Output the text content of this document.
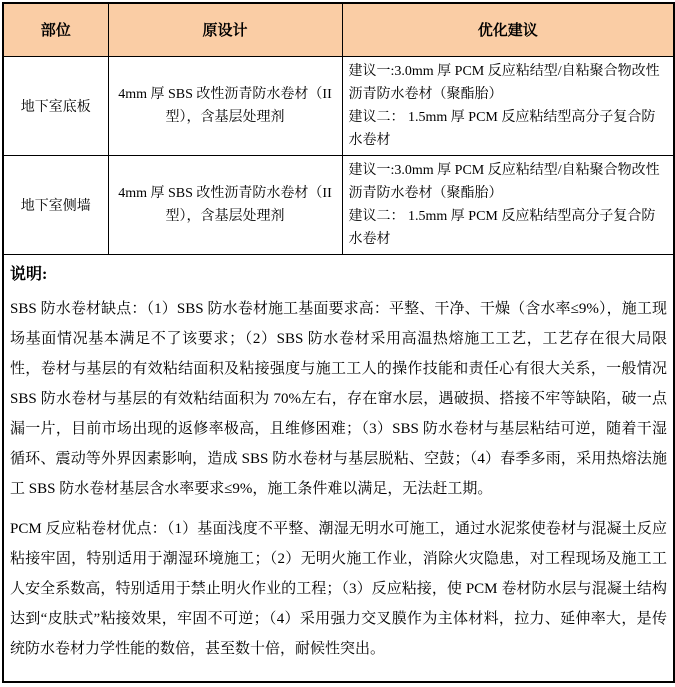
部位	原设计	优化建议
地下室底板	4mm 厚 SBS 改性沥青防水卷材（II 型），含基层处理剂	建议一:3.0mm 厚 PCM 反应粘结型/自粘聚合物改性沥青防水卷材（聚酯胎）
建议二： 1.5mm 厚 PCM 反应粘结型高分子复合防水卷材

地下室侧墙	4mm 厚 SBS 改性沥青防水卷材（II 型），含基层处理剂	建议一:3.0mm 厚 PCM 反应粘结型/自粘聚合物改性沥青防水卷材（聚酯胎）
建议二： 1.5mm 厚 PCM 反应粘结型高分子复合防水卷材

说明:

SBS 防水卷材缺点：（1）SBS 防水卷材施工基面要求高：平整、干净、干燥（含水率≤9%），施工现场基面情况基本满足不了该要求；（2）SBS 防水卷材采用高温热熔施工工艺，工艺存在很大局限性，卷材与基层的有效粘结面积及粘接强度与施工工人的操作技能和责任心有很大关系，一般情况 SBS 防水卷材与基层的有效粘结面积为 70%左右，存在窜水层，遇破损、搭接不牢等缺陷，破一点漏一片，目前市场出现的返修率极高，且维修困难；（3）SBS 防水卷材与基层粘结可逆，随着干湿循环、震动等外界因素影响，造成 SBS 防水卷材与基层脱粘、空鼓；（4）春季多雨，采用热熔法施工 SBS 防水卷材基层含水率要求≤9%，施工条件难以满足，无法赶工期。

PCM 反应粘卷材优点：（1）基面浅度不平整、潮湿无明水可施工，通过水泥浆使卷材与混凝土反应粘接牢固，特别适用于潮湿环境施工；（2）无明火施工作业，消除火灾隐患，对工程现场及施工工人安全系数高，特别适用于禁止明火作业的工程；（3）反应粘接，使 PCM 卷材防水层与混凝土结构达到“皮肤式”粘接效果，牢固不可逆；（4）采用强力交叉膜作为主体材料，拉力、延伸率大，是传统防水卷材力学性能的数倍，甚至数十倍，耐候性突出。		
